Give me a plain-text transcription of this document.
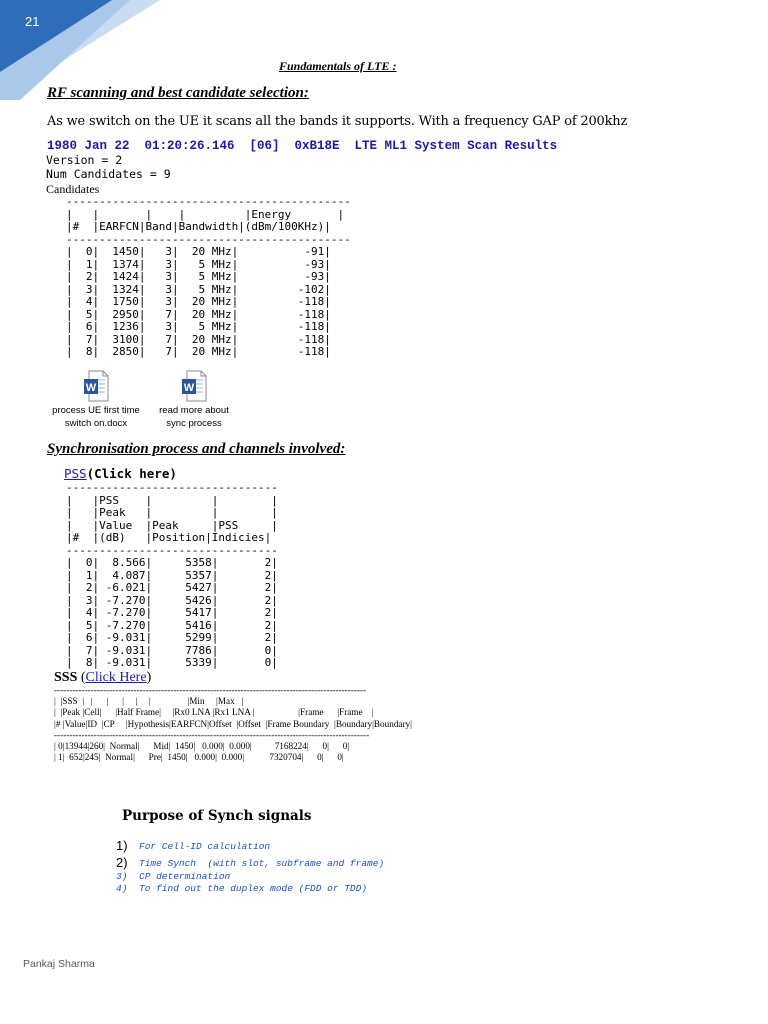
21
Fundamentals of LTE :
RF scanning and best candidate selection:
As we switch on the UE it scans all the bands it supports. With a frequency GAP of 200khz
1980 Jan 22  01:20:26.146  [06]  0xB18E  LTE ML1 System Scan Results
Version = 2
Num Candidates = 9
Candidates
-------------------------------------------
|   |       |    |         |Energy       |
|#  |EARFCN|Band|Bandwidth|(dBm/100KHz)|
-------------------------------------------
|  0|  1450|   3|  20 MHz|          -91|
|  1|  1374|   3|   5 MHz|          -93|
|  2|  1424|   3|   5 MHz|          -93|
|  3|  1324|   3|   5 MHz|         -102|
|  4|  1750|   3|  20 MHz|         -118|
|  5|  2950|   7|  20 MHz|         -118|
|  6|  1236|   3|   5 MHz|         -118|
|  7|  3100|   7|  20 MHz|         -118|
|  8|  2850|   7|  20 MHz|         -118|
W
process UE first time
switch on.docx
W
read more about
sync process
Synchronisation process and channels involved:
PSS(Click here)
--------------------------------
|   |PSS    |         |        |
|   |Peak   |         |        |
|   |Value  |Peak     |PSS     |
|#  |(dB)   |Position|Indicies|
--------------------------------
|  0|  8.566|     5358|       2|
|  1|  4.087|     5357|       2|
|  2| -6.021|     5427|       2|
|  3| -7.270|     5426|       2|
|  4| -7.270|     5417|       2|
|  5| -7.270|     5416|       2|
|  6| -9.031|     5299|       2|
|  7| -9.031|     7786|       0|
|  8| -9.031|     5339|       0|
SSS (Click Here)
------------------------------------------------------------------------------------------------------
|  |SSS  |   |      |      |     |     |                |Min     |Max   |
|  |Peak |Cell|      |Half Frame|     |Rx0 LNA |Rx1 LNA |                   |Frame      |Frame    |
|# |Value|ID  |CP     |Hypothesis|EARFCN|Offset  |Offset  |Frame Boundary  |Boundary|Boundary|
-------------------------------------------------------------------------------------------------------
| 0|13944|260|  Normal|      Mid|  1450|   0.000|  0.000|          7168224|      0|      0|
| 1|  652|245|  Normal|      Pre|  1450|   0.000|  0.000|           7320704|      0|      0|
Purpose of Synch signals
1) For Cell-ID calculation
2) Time Synch  (with slot, subframe and frame)
3) CP determination
4) To find out the duplex mode (FDD or TDD)
Pankaj Sharma
